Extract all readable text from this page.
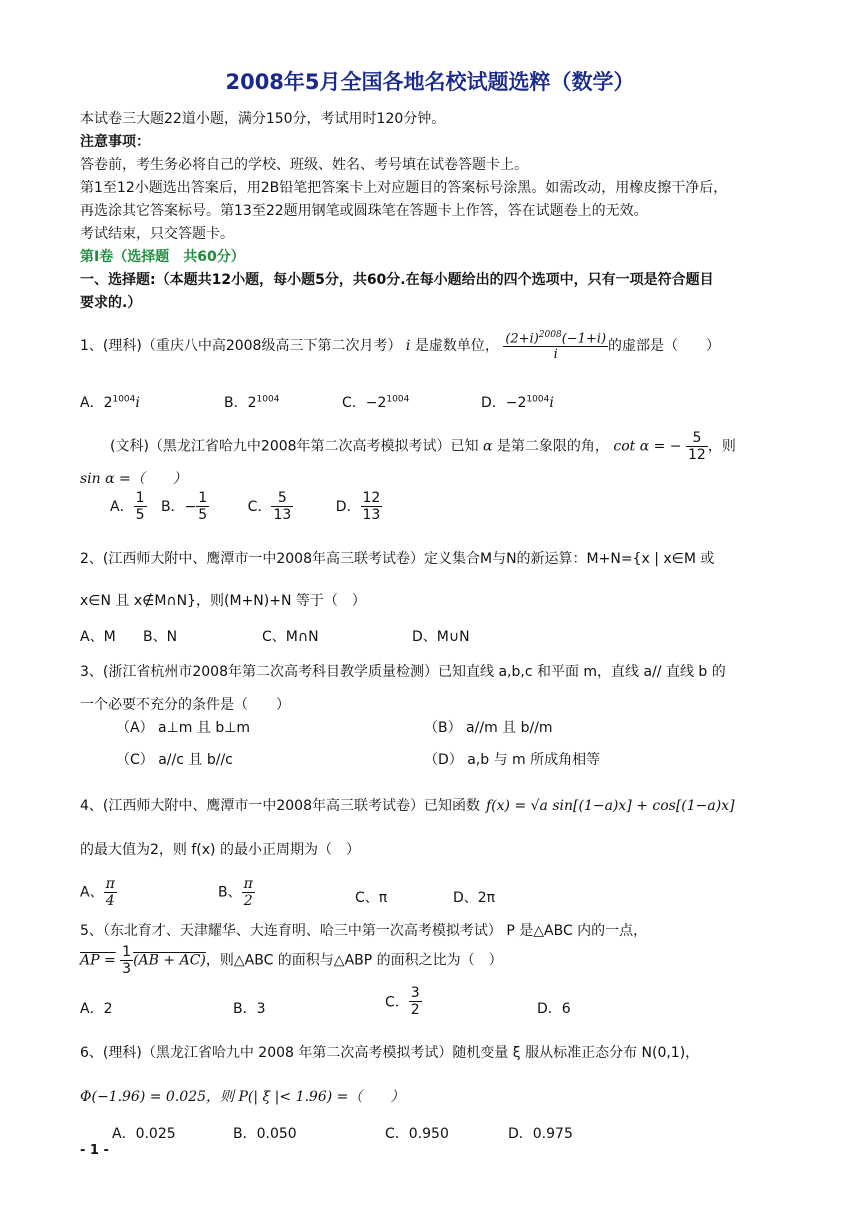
2008年5月全国各地名校试题选粹（数学）
本试卷三大题22道小题，满分150分，考试用时120分钟。
注意事项：
答卷前，考生务必将自己的学校、班级、姓名、考号填在试卷答题卡上。
第1至12小题选出答案后，用2B铅笔把答案卡上对应题目的答案标号涂黑。如需改动，用橡皮擦干净后，
再选涂其它答案标号。第13至22题用钢笔或圆珠笔在答题卡上作答，答在试题卷上的无效。
考试结束，只交答题卡。
第Ⅰ卷（选择题　共60分）
一、选择题:（本题共12小题，每小题5分，共60分.在每小题给出的四个选项中，只有一项是符合题目
要求的.）
1、(理科)（重庆八中高2008级高三下第二次月考） i 是虚数单位， $\frac{(2+i)^{2008}(-1+i)}{i}$ 的虚部是（　　）
A．$2^{1004}i$	B．$2^{1004}$	C．$-2^{1004}$	D．$-2^{1004}i$
(文科)（黑龙江省哈九中2008年第二次高考模拟考试）已知 α 是第二象限的角， cot α = − $\frac{5}{12}$ ，则
sin α =（　　）
A． $\frac{1}{5}$ B．− $\frac{1}{5}$	C． $\frac{5}{13}$	D． $\frac{12}{13}$
2、(江西师大附中、鹰潭市一中2008年高三联考试卷）定义集合M与N的新运算：M+N={x | x∈M 或
x∈N 且 x∉M∩N}，则(M+N)+N 等于（　）
A、M B、N	C、M∩N	D、M∪N
3、(浙江省杭州市2008年第二次高考科目教学质量检测）已知直线 a,b,c 和平面 m，直线 a// 直线 b 的
一个必要不充分的条件是（　　）
（A） a⊥m 且 b⊥m	（B） a//m 且 b//m
（C） a//c 且 b//c	（D） a,b 与 m 所成角相等
4、(江西师大附中、鹰潭市一中2008年高三联考试卷）已知函数 f(x) = √a sin[(1−a)x] + cos[(1−a)x]
的最大值为2，则 f(x) 的最小正周期为（　）
A、 $\frac{\pi}{4}$	B、 $\frac{\pi}{2}$	C、π	D、2π
5、（东北育才、天津耀华、大连育明、哈三中第一次高考模拟考试） P 是△ABC 内的一点，
AP = $\frac{1}{3} (AB + AC)$，则△ABC 的面积与△ABP 的面积之比为（　）
A．2	B．3	C． $\frac{3}{2}$	D．6
6、(理科)（黑龙江省哈九中 2008 年第二次高考模拟考试）随机变量 ξ 服从标准正态分布 N(0,1)，
Φ(−1.96) = 0.025，则 P(| ξ |< 1.96) =（　　）
A．0.025	B．0.050	C．0.950	D．0.975
- 1 -
